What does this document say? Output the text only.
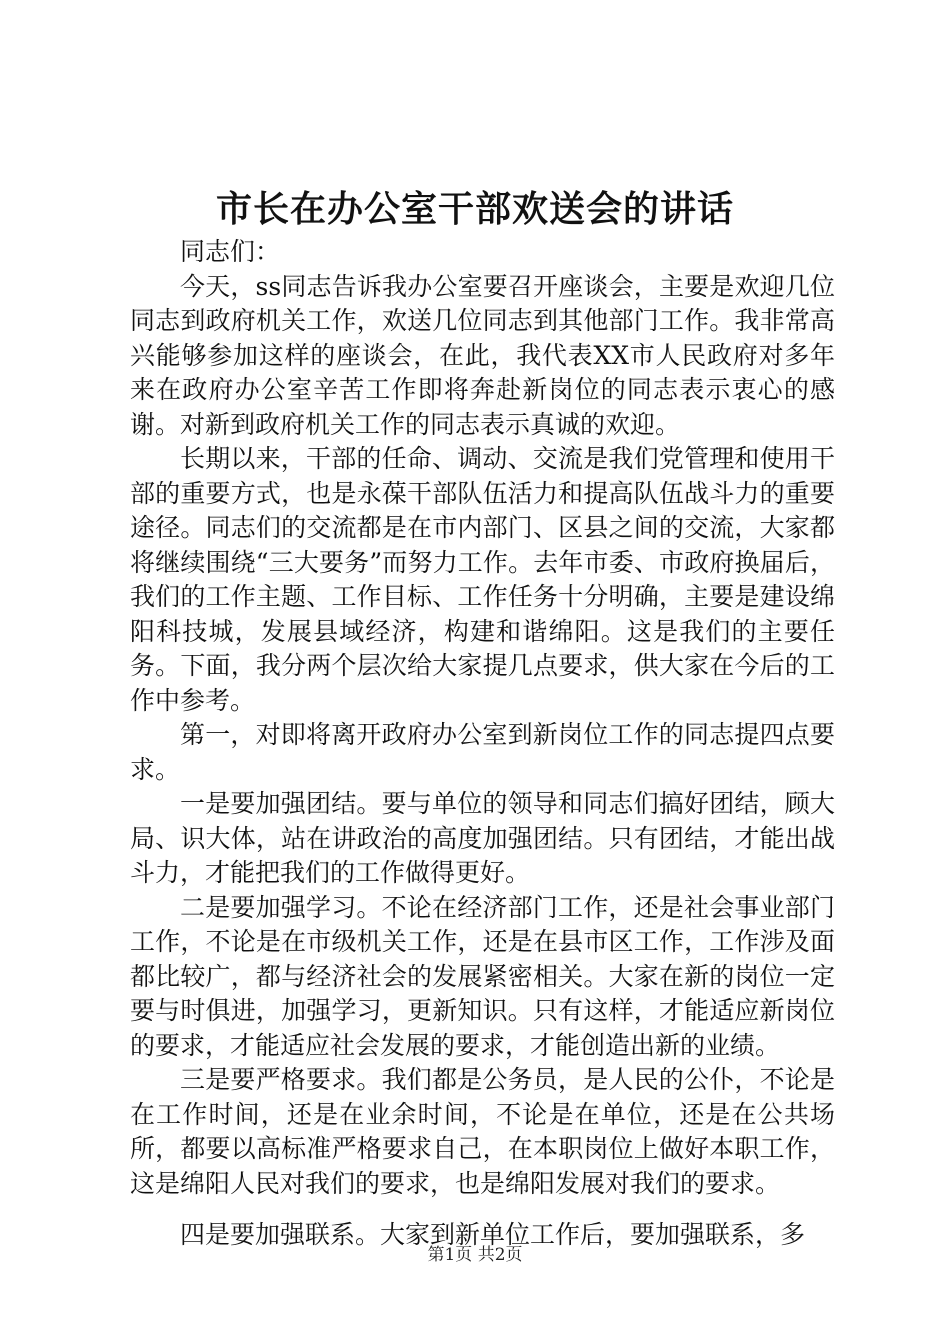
市长在办公室干部欢送会的讲话

同志们：

今天，ss同志告诉我办公室要召开座谈会，主要是欢迎几位同志到政府机关工作，欢送几位同志到其他部门工作。我非常高兴能够参加这样的座谈会，在此，我代表XX市人民政府对多年来在政府办公室辛苦工作即将奔赴新岗位的同志表示衷心的感谢。对新到政府机关工作的同志表示真诚的欢迎。

长期以来，干部的任命、调动、交流是我们党管理和使用干部的重要方式，也是永葆干部队伍活力和提高队伍战斗力的重要途径。同志们的交流都是在市内部门、区县之间的交流，大家都将继续围绕“三大要务”而努力工作。去年市委、市政府换届后，我们的工作主题、工作目标、工作任务十分明确，主要是建设绵阳科技城，发展县域经济，构建和谐绵阳。这是我们的主要任务。下面，我分两个层次给大家提几点要求，供大家在今后的工作中参考。

第一，对即将离开政府办公室到新岗位工作的同志提四点要求。

一是要加强团结。要与单位的领导和同志们搞好团结，顾大局、识大体，站在讲政治的高度加强团结。只有团结，才能出战斗力，才能把我们的工作做得更好。

二是要加强学习。不论在经济部门工作，还是社会事业部门工作，不论是在市级机关工作，还是在县市区工作，工作涉及面都比较广，都与经济社会的发展紧密相关。大家在新的岗位一定要与时俱进，加强学习，更新知识。只有这样，才能适应新岗位的要求，才能适应社会发展的要求，才能创造出新的业绩。

三是要严格要求。我们都是公务员，是人民的公仆，不论是在工作时间，还是在业余时间，不论是在单位，还是在公共场所，都要以高标准严格要求自己，在本职岗位上做好本职工作，这是绵阳人民对我们的要求，也是绵阳发展对我们的要求。

四是要加强联系。大家到新单位工作后，要加强联系，多

第1页 共2页
